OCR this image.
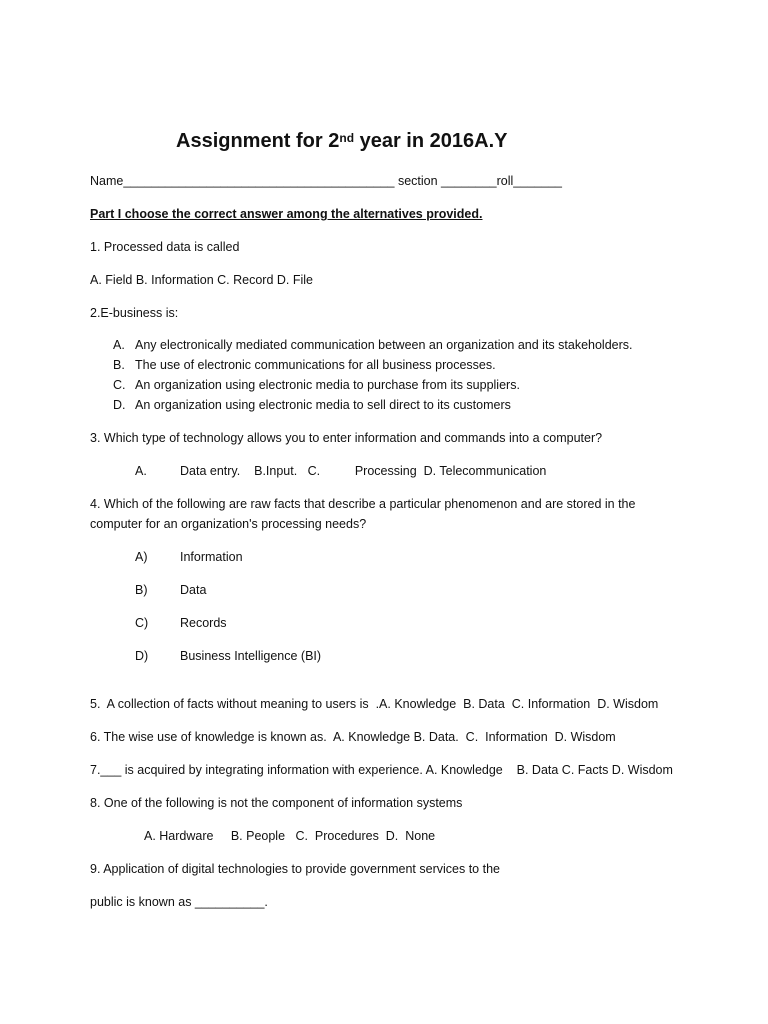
Assignment for 2nd year in 2016A.Y
Name_______________________________________ section ________roll_______
Part I choose the correct answer among the alternatives provided.
1. Processed data is called
A. Field B. Information C. Record D. File
2.E-business is:
A. Any electronically mediated communication between an organization and its stakeholders.
B. The use of electronic communications for all business processes.
C. An organization using electronic media to purchase from its suppliers.
D. An organization using electronic media to sell direct to its customers
3. Which type of technology allows you to enter information and commands into a computer?
A.	Data entry.    B.Input.   C.          Processing  D. Telecommunication
4. Which of the following are raw facts that describe a particular phenomenon and are stored in the computer for an organization's processing needs?
A)	Information
B)	Data
C)	Records
D)	Business Intelligence (BI)
5.  A collection of facts without meaning to users is  .A. Knowledge  B. Data  C. Information  D. Wisdom
6. The wise use of knowledge is known as.  A. Knowledge B. Data.  C.  Information  D. Wisdom
7.___ is acquired by integrating information with experience. A. Knowledge    B. Data C. Facts D. Wisdom
8. One of the following is not the component of information systems
A. Hardware     B. People   C.  Procedures  D.  None
9. Application of digital technologies to provide government services to the
public is known as __________.
